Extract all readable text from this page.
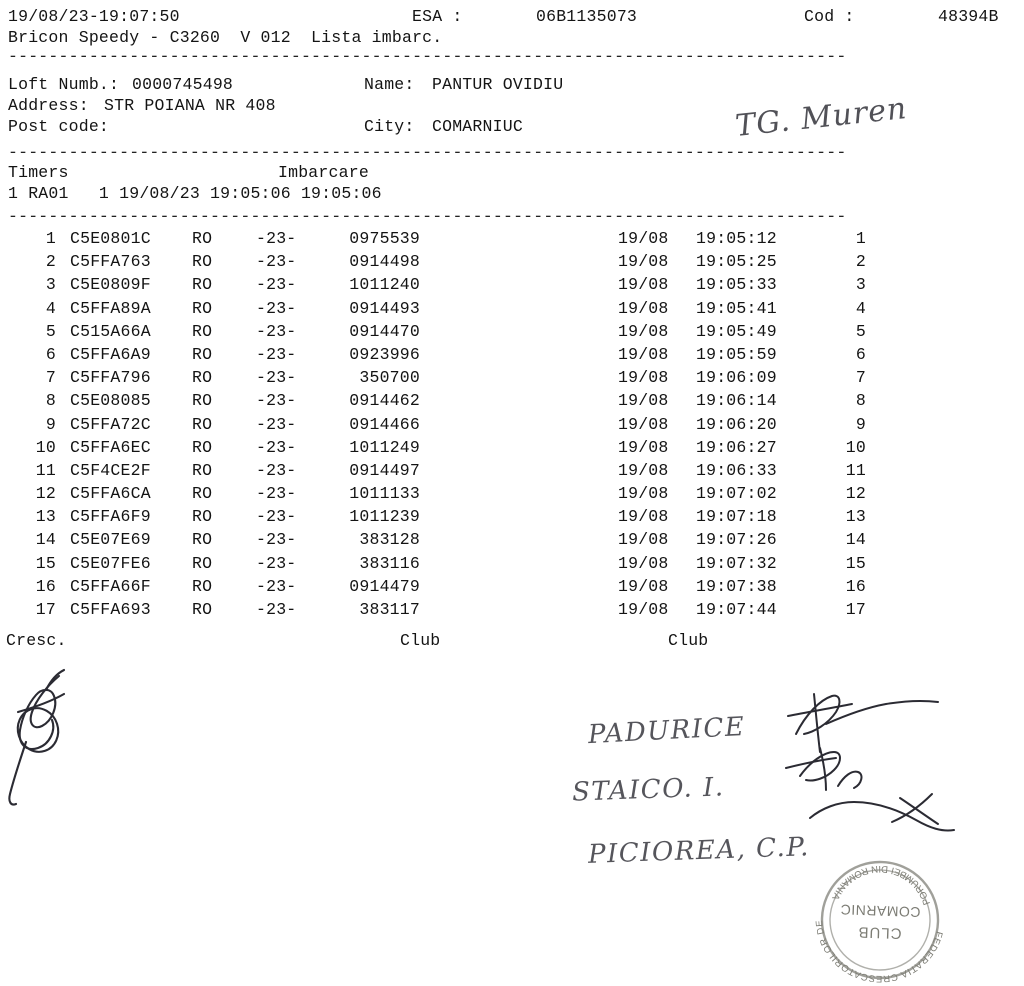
19/08/23-19:07:50

	ESA :

	06B1135073

	Cod :

	48394B

Bricon Speedy - C3260  V 012  Lista imbarc.

-----------------------------------------------------------------------------------

Loft Numb.:

0000745498

	Name:

PANTUR OVIDIU

Address:

STR POIANA NR 408

Post code:

	City:

COMARNIUC

-----------------------------------------------------------------------------------

Timers

	Imbarcare

1 RA01   1 19/08/23 19:05:06 19:05:06

-----------------------------------------------------------------------------------
1 C5E0801C RO	-23-	0975539	19/08 19:05:12	1
2 C5FFA763 RO	-23-	0914498	19/08 19:05:25	2
3 C5E0809F RO	-23-	1011240	19/08 19:05:33	3
4 C5FFA89A RO	-23-	0914493	19/08 19:05:41	4
5 C515A66A RO	-23-	0914470	19/08 19:05:49	5
6 C5FFA6A9 RO	-23-	0923996	19/08 19:05:59	6
7 C5FFA796 RO	-23-	350700	19/08 19:06:09	7
8 C5E08085 RO	-23-	0914462	19/08 19:06:14	8
9 C5FFA72C RO	-23-	0914466	19/08 19:06:20	9
10 C5FFA6EC RO	-23-	1011249	19/08 19:06:27	10
11 C5F4CE2F RO	-23-	0914497	19/08 19:06:33	11
12 C5FFA6CA RO	-23-	1011133	19/08 19:07:02	12
13 C5FFA6F9 RO	-23-	1011239	19/08 19:07:18	13
14 C5E07E69 RO	-23-	383128	19/08 19:07:26	14
15 C5E07FE6 RO	-23-	383116	19/08 19:07:32	15
16 C5FFA66F RO	-23-	0914479	19/08 19:07:38	16
17 C5FFA693 RO	-23-	383117	19/08 19:07:44	17
Cresc.	Club	Club
TG. Muren
PADURICE
STAICO. I.
PICIOREA, C.P.
FEDERATIA CRESCATORILOR DE
PORUMBEI DIN ROMANIA
CLUB
COMARNIC
